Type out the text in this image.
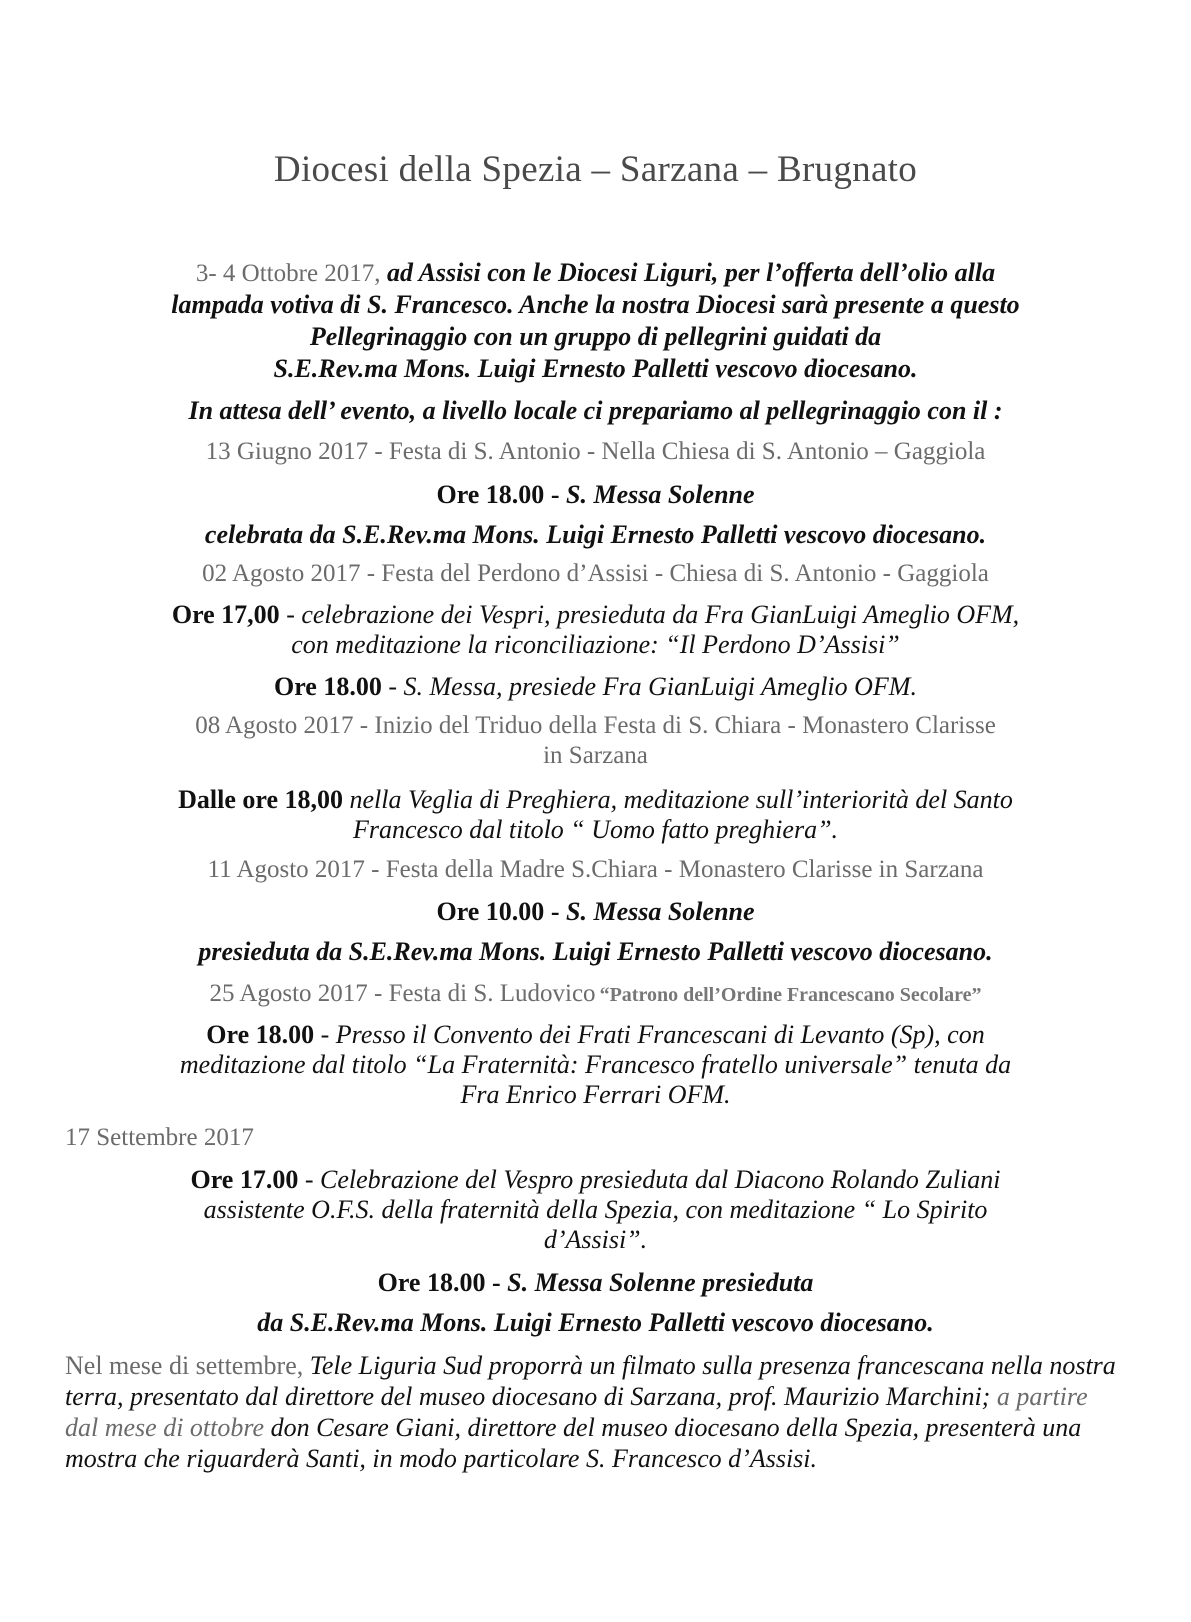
Diocesi della Spezia – Sarzana – Brugnato
3- 4 Ottobre 2017, ad Assisi con le Diocesi Liguri, per l’offerta dell’olio alla
lampada votiva di S. Francesco. Anche la nostra Diocesi sarà presente a questo
Pellegrinaggio con un gruppo di pellegrini guidati da
S.E.Rev.ma Mons. Luigi Ernesto Palletti vescovo diocesano.
In attesa dell’ evento, a livello locale ci prepariamo al pellegrinaggio con il :
13 Giugno 2017 - Festa di S. Antonio - Nella Chiesa di S. Antonio – Gaggiola
Ore 18.00 - S. Messa Solenne
celebrata da S.E.Rev.ma Mons. Luigi Ernesto Palletti vescovo diocesano.
02 Agosto 2017 - Festa del Perdono d’Assisi - Chiesa di S. Antonio - Gaggiola
Ore 17,00 - celebrazione dei Vespri, presieduta da Fra GianLuigi Ameglio OFM,
con meditazione la riconciliazione: “Il Perdono D’Assisi”
Ore 18.00 - S. Messa, presiede Fra GianLuigi Ameglio OFM.
08 Agosto 2017 - Inizio del Triduo della Festa di S. Chiara - Monastero Clarisse
in Sarzana
Dalle ore 18,00 nella Veglia di Preghiera, meditazione sull’interiorità del Santo
Francesco dal titolo “ Uomo fatto preghiera”.
11 Agosto 2017 - Festa della Madre S.Chiara - Monastero Clarisse in Sarzana
Ore 10.00 - S. Messa Solenne
presieduta da S.E.Rev.ma Mons. Luigi Ernesto Palletti vescovo diocesano.
25 Agosto 2017 - Festa di S. Ludovico “Patrono dell’Ordine Francescano Secolare”
Ore 18.00 - Presso il Convento dei Frati Francescani di Levanto (Sp), con
meditazione dal titolo “La Fraternità: Francesco fratello universale” tenuta da
Fra Enrico Ferrari OFM.
17 Settembre 2017
Ore 17.00 - Celebrazione del Vespro presieduta dal Diacono Rolando Zuliani
assistente O.F.S. della fraternità della Spezia, con meditazione “ Lo Spirito
d’Assisi”.
Ore 18.00 - S. Messa Solenne presieduta
da S.E.Rev.ma Mons. Luigi Ernesto Palletti vescovo diocesano.
Nel mese di settembre, Tele Liguria Sud proporrà un filmato sulla presenza francescana nella nostra terra, presentato dal direttore del museo diocesano di Sarzana, prof. Maurizio Marchini; a partire dal mese di ottobre don Cesare Giani, direttore del museo diocesano della Spezia, presenterà una mostra che riguarderà Santi, in modo particolare S. Francesco d’Assisi.
